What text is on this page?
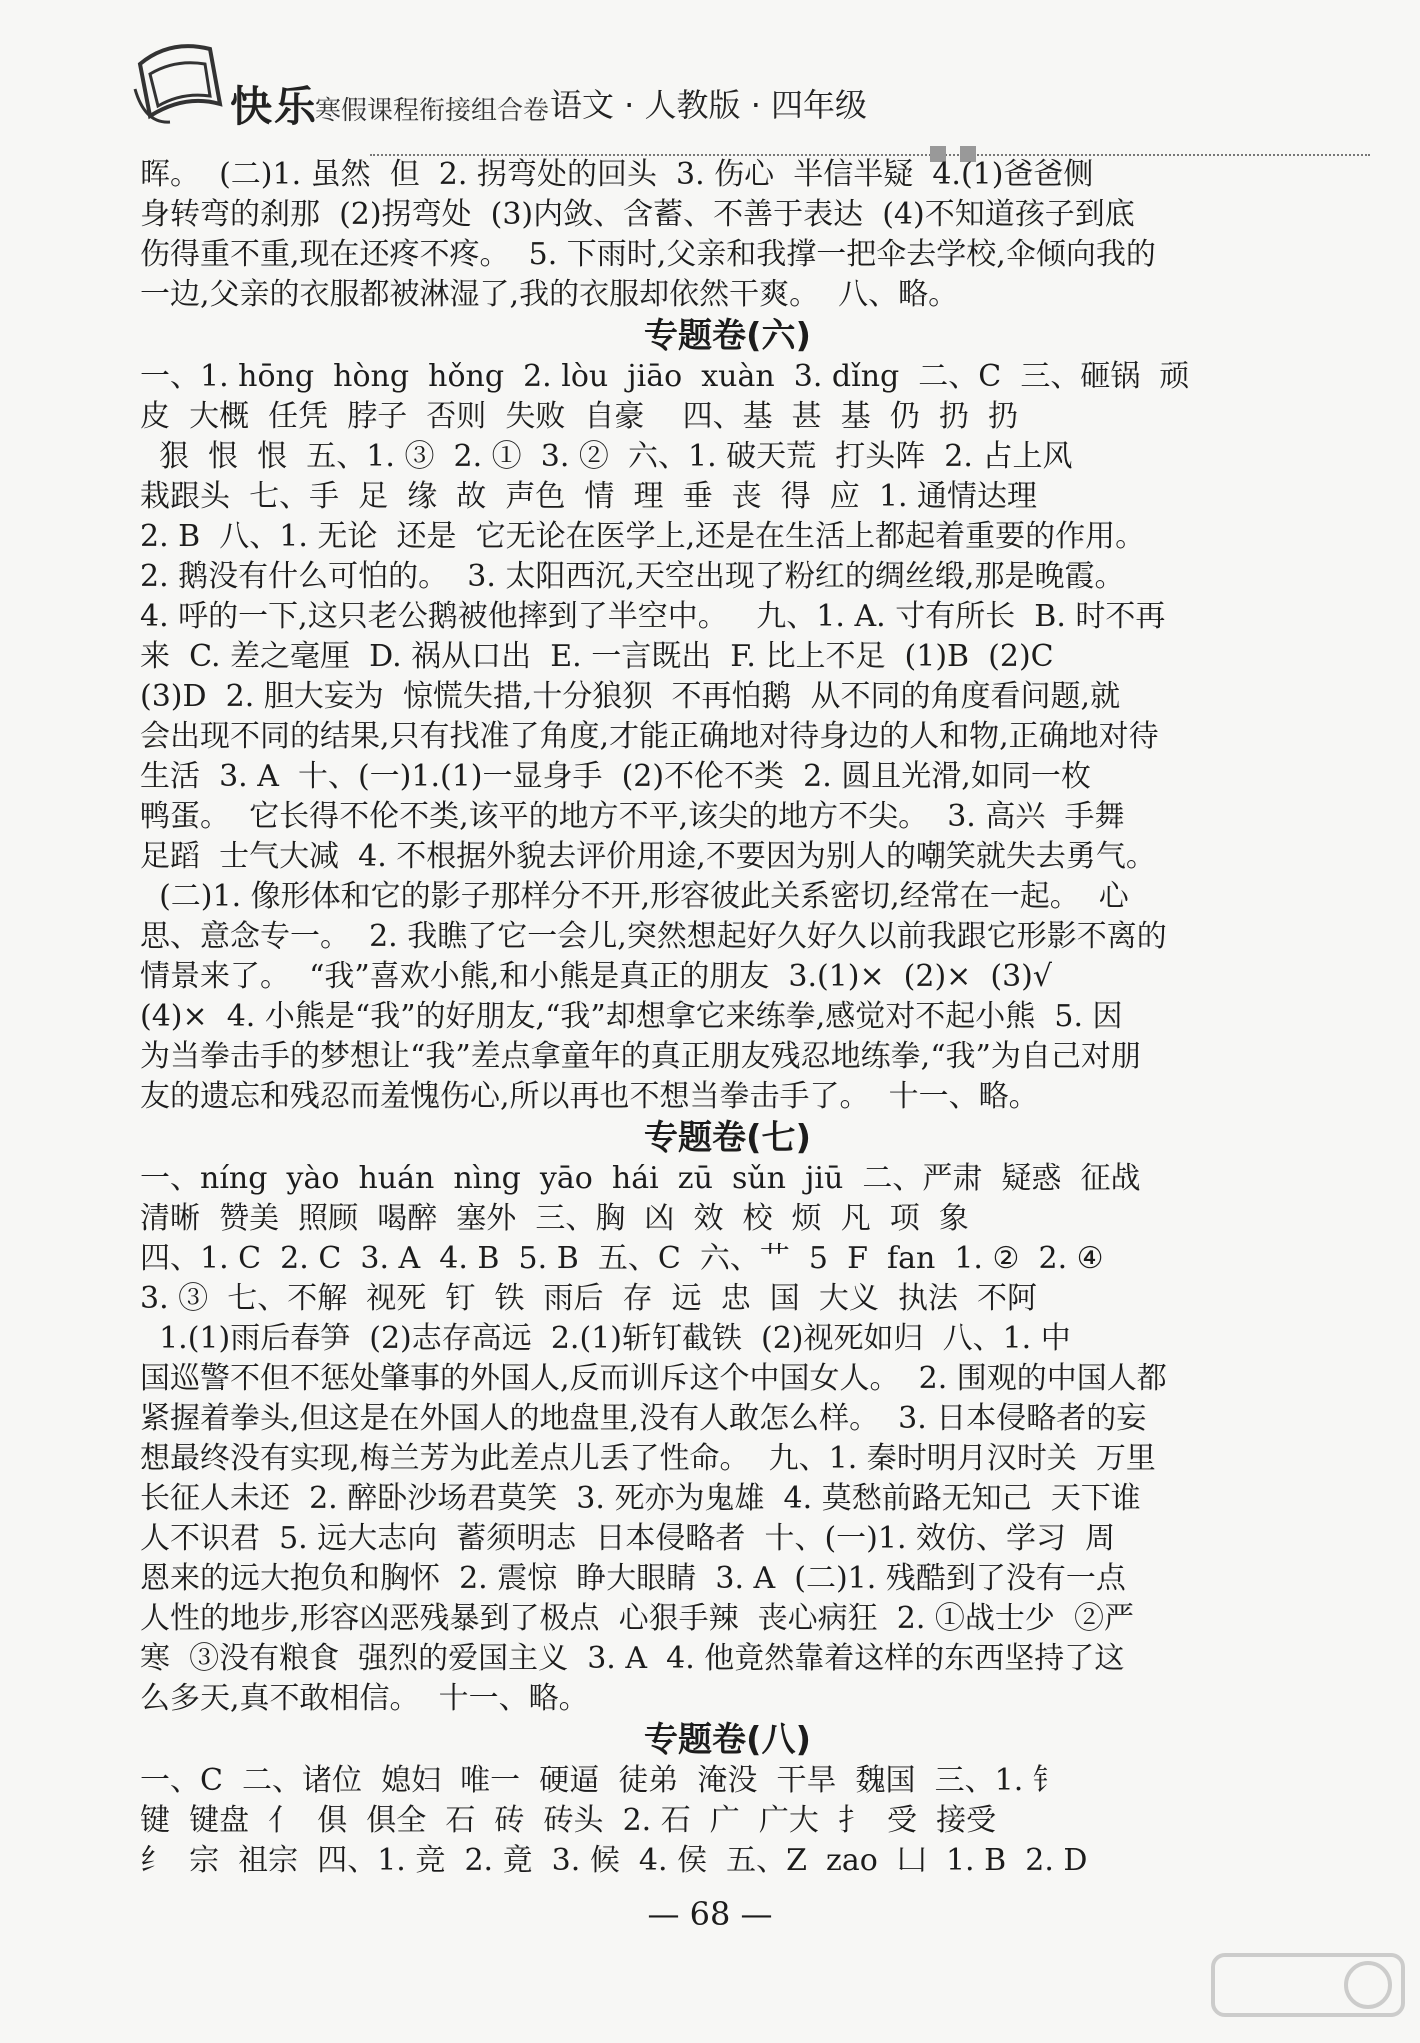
快乐
寒假课程衔接组合卷 语文 · 人教版 · 四年级
晖。  (二)1. 虽然  但  2. 拐弯处的回头  3. 伤心  半信半疑  4.(1)爸爸侧
身转弯的刹那  (2)拐弯处  (3)内敛、含蓄、不善于表达  (4)不知道孩子到底
伤得重不重,现在还疼不疼。  5. 下雨时,父亲和我撑一把伞去学校,伞倾向我的
一边,父亲的衣服都被淋湿了,我的衣服却依然干爽。  八、略。
专题卷(六)
一、1. hōng  hòng  hǒng  2. lòu  jiāo  xuàn  3. dǐng  二、C  三、砸锅  顽
皮  大概  任凭  脖子  否则  失败  自豪    四、基  甚  基  仍  扔  扔
狠  恨  恨  五、1. ③  2. ①  3. ②  六、1. 破天荒  打头阵  2. 占上风
栽跟头  七、手  足  缘  故  声色  情  理  垂  丧  得  应  1. 通情达理
2. B  八、1. 无论  还是  它无论在医学上,还是在生活上都起着重要的作用。
2. 鹅没有什么可怕的。  3. 太阳西沉,天空出现了粉红的绸丝缎,那是晚霞。
4. 呼的一下,这只老公鹅被他摔到了半空中。   九、1. A. 寸有所长  B. 时不再
来  C. 差之毫厘  D. 祸从口出  E. 一言既出  F. 比上不足  (1)B  (2)C
(3)D  2. 胆大妄为  惊慌失措,十分狼狈  不再怕鹅  从不同的角度看问题,就
会出现不同的结果,只有找准了角度,才能正确地对待身边的人和物,正确地对待
生活  3. A  十、(一)1.(1)一显身手  (2)不伦不类  2. 圆且光滑,如同一枚
鸭蛋。  它长得不伦不类,该平的地方不平,该尖的地方不尖。  3. 高兴  手舞
足蹈  士气大减  4. 不根据外貌去评价用途,不要因为别人的嘲笑就失去勇气。
(二)1. 像形体和它的影子那样分不开,形容彼此关系密切,经常在一起。  心
思、意念专一。  2. 我瞧了它一会儿,突然想起好久好久以前我跟它形影不离的
情景来了。  “我”喜欢小熊,和小熊是真正的朋友  3.(1)×  (2)×  (3)√
(4)×  4. 小熊是“我”的好朋友,“我”却想拿它来练拳,感觉对不起小熊  5. 因
为当拳击手的梦想让“我”差点拿童年的真正朋友残忍地练拳,“我”为自己对朋
友的遗忘和残忍而羞愧伤心,所以再也不想当拳击手了。  十一、略。
专题卷(七)
一、níng  yào  huán  nìng  yāo  hái  zū  sǔn  jiū  二、严肃  疑惑  征战
清晰  赞美  照顾  喝醉  塞外  三、胸  凶  效  校  烦  凡  项  象
四、1. C  2. C  3. A  4. B  5. B  五、C  六、艹  5  F  fan  1. ②  2. ④
3. ③  七、不解  视死  钉  铁  雨后  存  远  忠  国  大义  执法  不阿
1.(1)雨后春笋  (2)志存高远  2.(1)斩钉截铁  (2)视死如归  八、1. 中
国巡警不但不惩处肇事的外国人,反而训斥这个中国女人。  2. 围观的中国人都
紧握着拳头,但这是在外国人的地盘里,没有人敢怎么样。  3. 日本侵略者的妄
想最终没有实现,梅兰芳为此差点儿丢了性命。  九、1. 秦时明月汉时关  万里
长征人未还  2. 醉卧沙场君莫笑  3. 死亦为鬼雄  4. 莫愁前路无知己  天下谁
人不识君  5. 远大志向  蓄须明志  日本侵略者  十、(一)1. 效仿、学习  周
恩来的远大抱负和胸怀  2. 震惊  睁大眼睛  3. A  (二)1. 残酷到了没有一点
人性的地步,形容凶恶残暴到了极点  心狠手辣  丧心病狂  2. ①战士少  ②严
寒  ③没有粮食  强烈的爱国主义  3. A  4. 他竟然靠着这样的东西坚持了这
么多天,真不敢相信。  十一、略。
专题卷(八)
一、C  二、诸位  媳妇  唯一  硬逼  徒弟  淹没  干旱  魏国  三、1. 钅
键  键盘  亻  俱  俱全  石  砖  砖头  2. 石  广  广大  扌  受  接受
纟  宗  祖宗  四、1. 竞  2. 竟  3. 候  4. 侯  五、Z  zao  凵  1. B  2. D
— 68 —
